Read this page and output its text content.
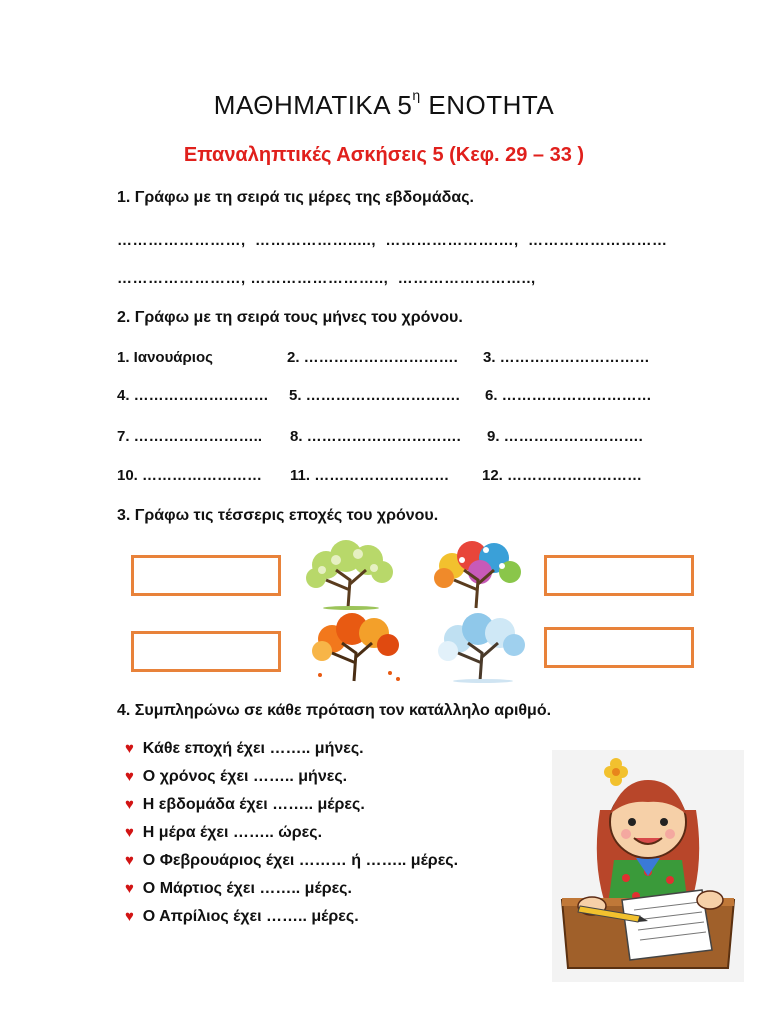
ΜΑΘΗΜΑΤΙΚΑ $5^\eta$ ΕΝΟΤΗΤΑ
Επαναληπτικές Ασκήσεις 5 (Κεφ. 29 – 33 )
1. Γράφω με τη σειρά τις μέρες της εβδομάδας.
……………………,  ……………….....,  ………………….…,  ………………………
……………………, ……………………..,  ……………………..,
2. Γράφω με τη σειρά τους μήνες του χρόνου.
1. Ιανουάριος	2. …………………………. 3. …………………………
4. ……………………… 5. …………………………. 6. …………………………
7. …………………….. 8. …………………………. 9. ……………………….
10. …………………… 11. ……………………… 12. ………………………
3. Γράφω τις τέσσερις εποχές του χρόνου.
4. Συμπληρώνω σε κάθε πρόταση τον κατάλληλο αριθμό.
♥ Κάθε εποχή έχει …….. μήνες.
♥ Ο χρόνος έχει …….. μήνες.
♥ Η εβδομάδα έχει …….. μέρες.
♥ Η μέρα έχει …….. ώρες.
♥ Ο Φεβρουάριος έχει ……… ή …….. μέρες.
♥ Ο Μάρτιος έχει …….. μέρες.
♥ Ο Απρίλιος έχει …….. μέρες.
